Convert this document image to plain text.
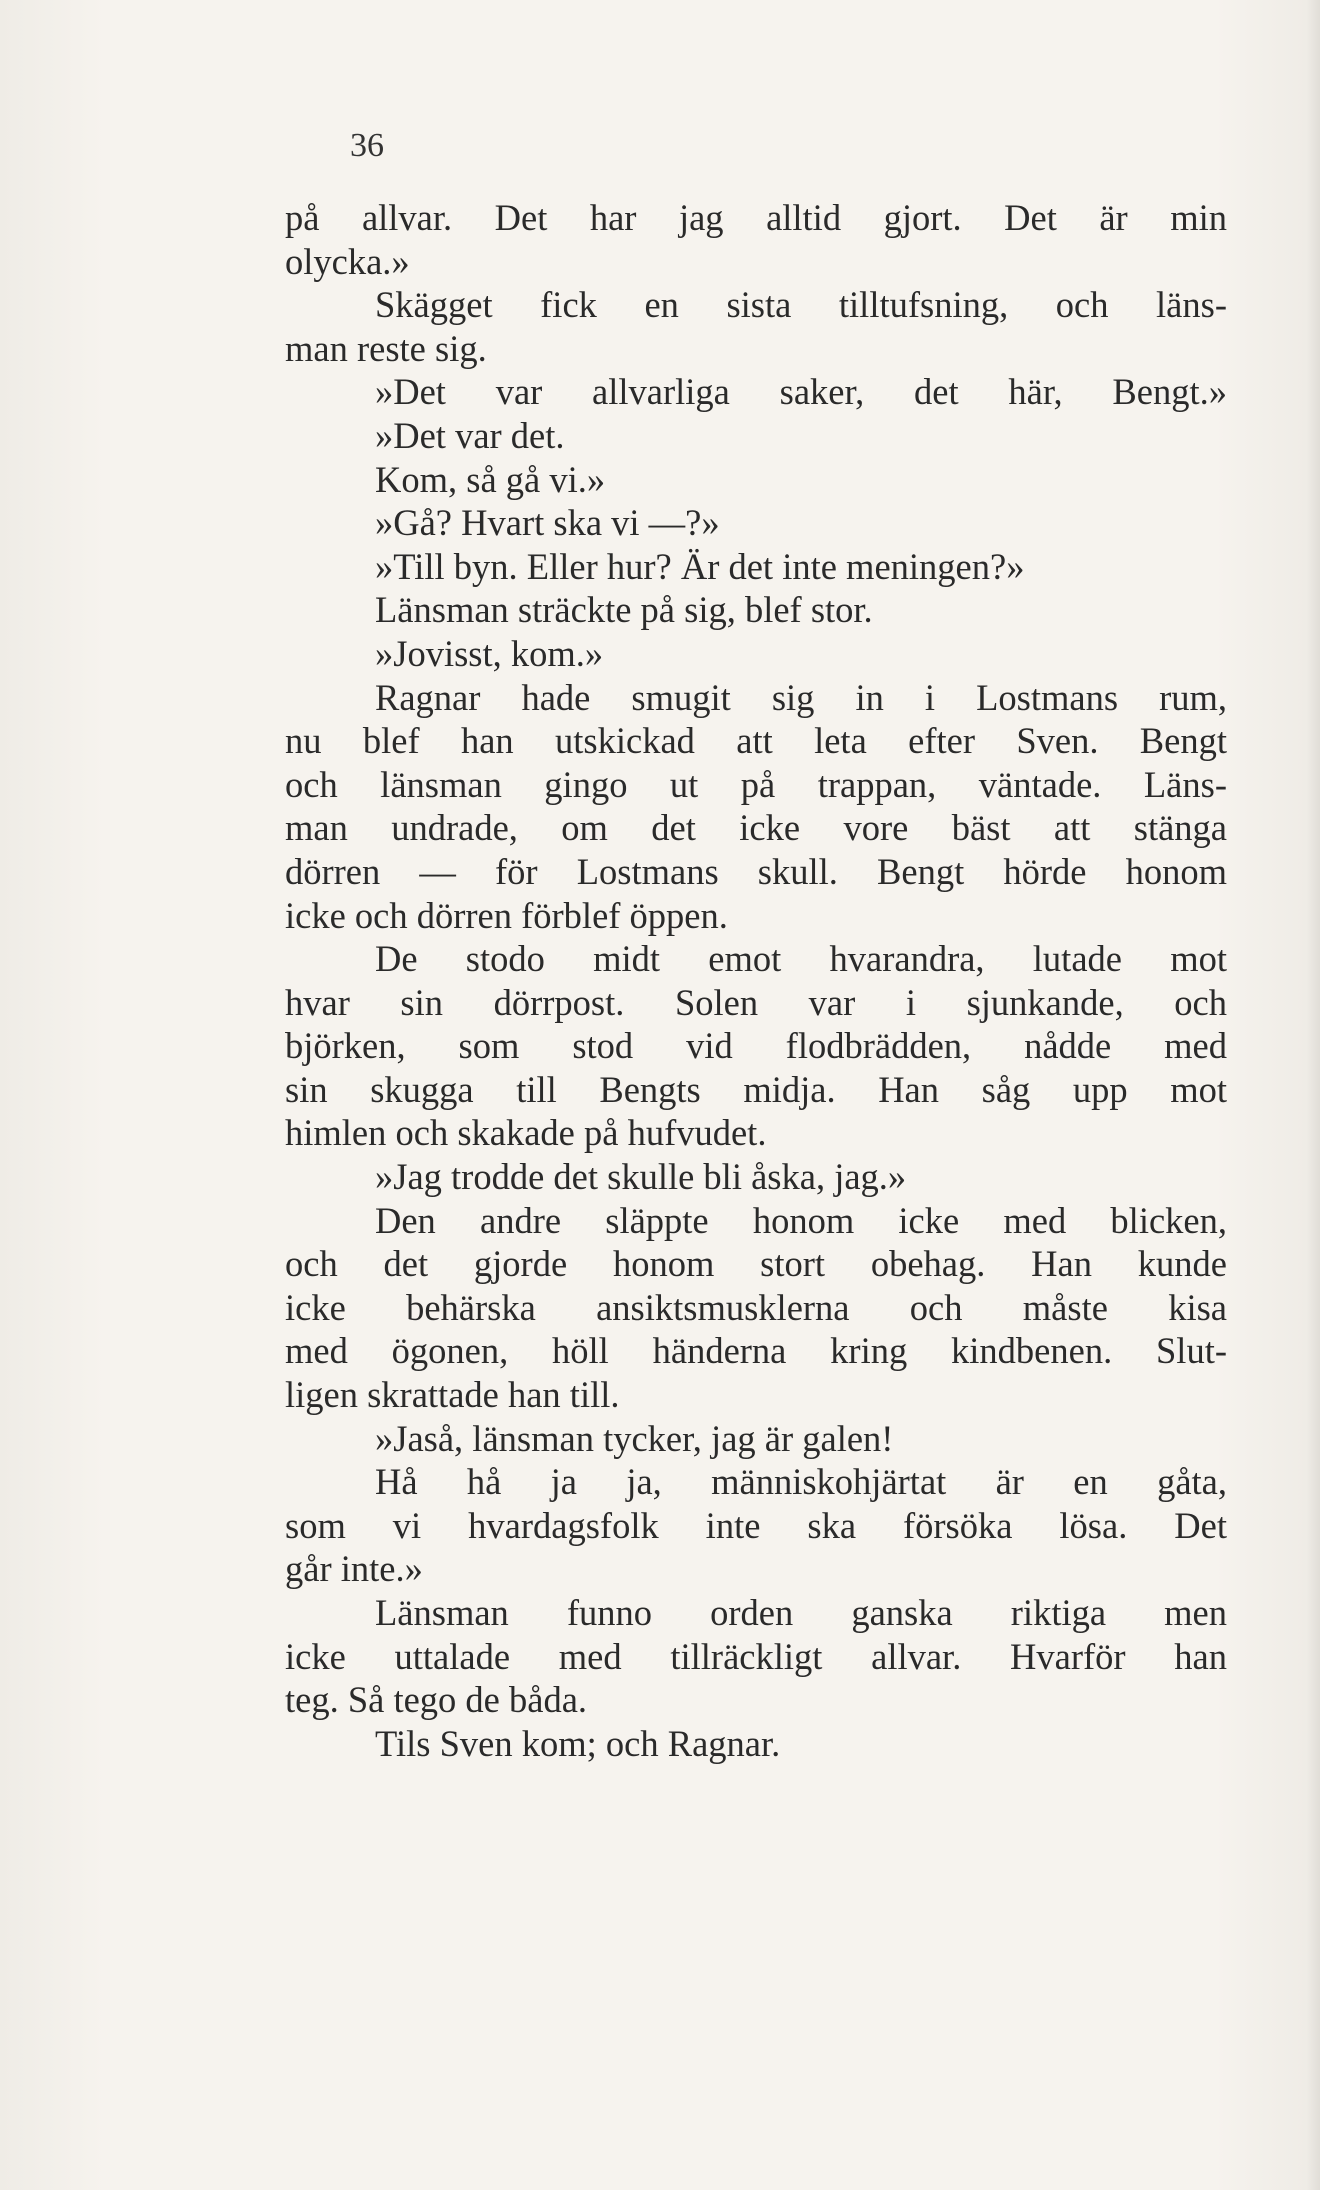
36
på allvar. Det har jag alltid gjort. Det är min
olycka.»
Skägget fick en sista tilltufsning, och läns-
man reste sig.
»Det var allvarliga saker, det här, Bengt.»
»Det var det.
Kom, så gå vi.»
»Gå? Hvart ska vi —?»
»Till byn. Eller hur? Är det inte meningen?»
Länsman sträckte på sig, blef stor.
»Jovisst, kom.»
Ragnar hade smugit sig in i Lostmans rum,
nu blef han utskickad att leta efter Sven. Bengt
och länsman gingo ut på trappan, väntade. Läns-
man undrade, om det icke vore bäst att stänga
dörren — för Lostmans skull. Bengt hörde honom
icke och dörren förblef öppen.
De stodo midt emot hvarandra, lutade mot
hvar sin dörrpost. Solen var i sjunkande, och
björken, som stod vid flodbrädden, nådde med
sin skugga till Bengts midja. Han såg upp mot
himlen och skakade på hufvudet.
»Jag trodde det skulle bli åska, jag.»
Den andre släppte honom icke med blicken,
och det gjorde honom stort obehag. Han kunde
icke behärska ansiktsmusklerna och måste kisa
med ögonen, höll händerna kring kindbenen. Slut-
ligen skrattade han till.
»Jaså, länsman tycker, jag är galen!
Hå hå ja ja, människohjärtat är en gåta,
som vi hvardagsfolk inte ska försöka lösa. Det
går inte.»
Länsman funno orden ganska riktiga men
icke uttalade med tillräckligt allvar. Hvarför han
teg. Så tego de båda.
Tils Sven kom; och Ragnar.
